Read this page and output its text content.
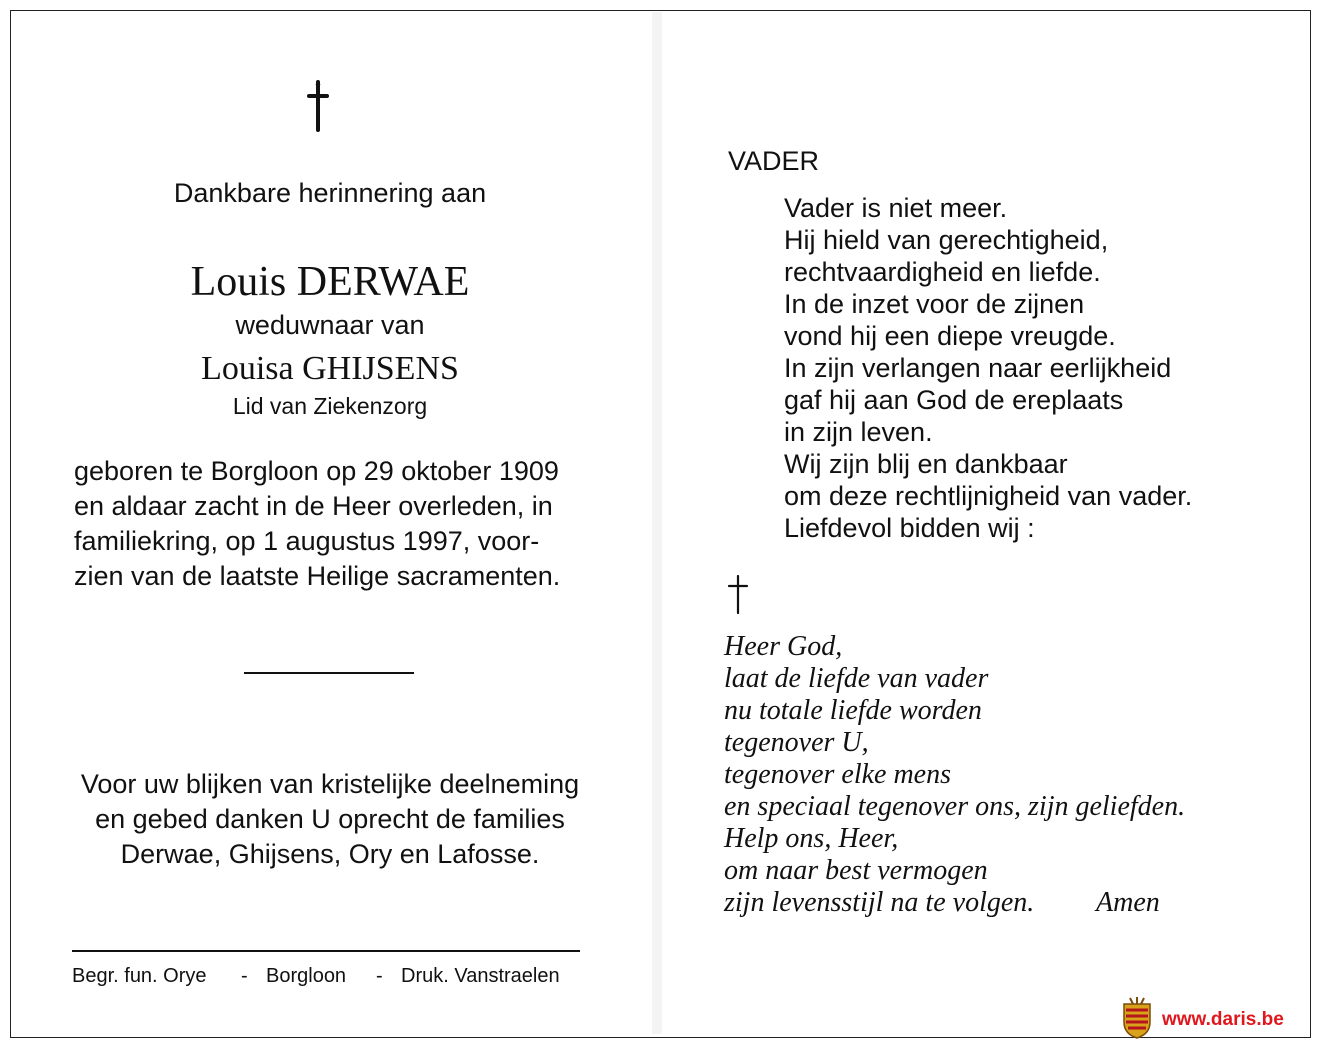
Dankbare herinnering aan
Louis DERWAE
weduwnaar van
Louisa GHIJSENS
Lid van Ziekenzorg
geboren te Borgloon op 29 oktober 1909
en aldaar zacht in de Heer overleden, in
familiekring, op 1 augustus 1997, voor-
zien van de laatste Heilige sacramenten.
Voor uw blijken van kristelijke deelneming
en gebed danken U oprecht de families
Derwae, Ghijsens, Ory en Lafosse.
Begr. fun. Orye - Borgloon - Druk. Vanstraelen
VADER
Vader is niet meer.
Hij hield van gerechtigheid,
rechtvaardigheid en liefde.
In de inzet voor de zijnen
vond hij een diepe vreugde.
In zijn verlangen naar eerlijkheid
gaf hij aan God de ereplaats
in zijn leven.
Wij zijn blij en dankbaar
om deze rechtlijnigheid van vader.
Liefdevol bidden wij :
Heer God,
laat de liefde van vader
nu totale liefde worden
tegenover U,
tegenover elke mens
en speciaal tegenover ons, zijn geliefden.
Help ons, Heer,
om naar best vermogen
zijn levensstijl na te volgen.	Amen
www.daris.be
